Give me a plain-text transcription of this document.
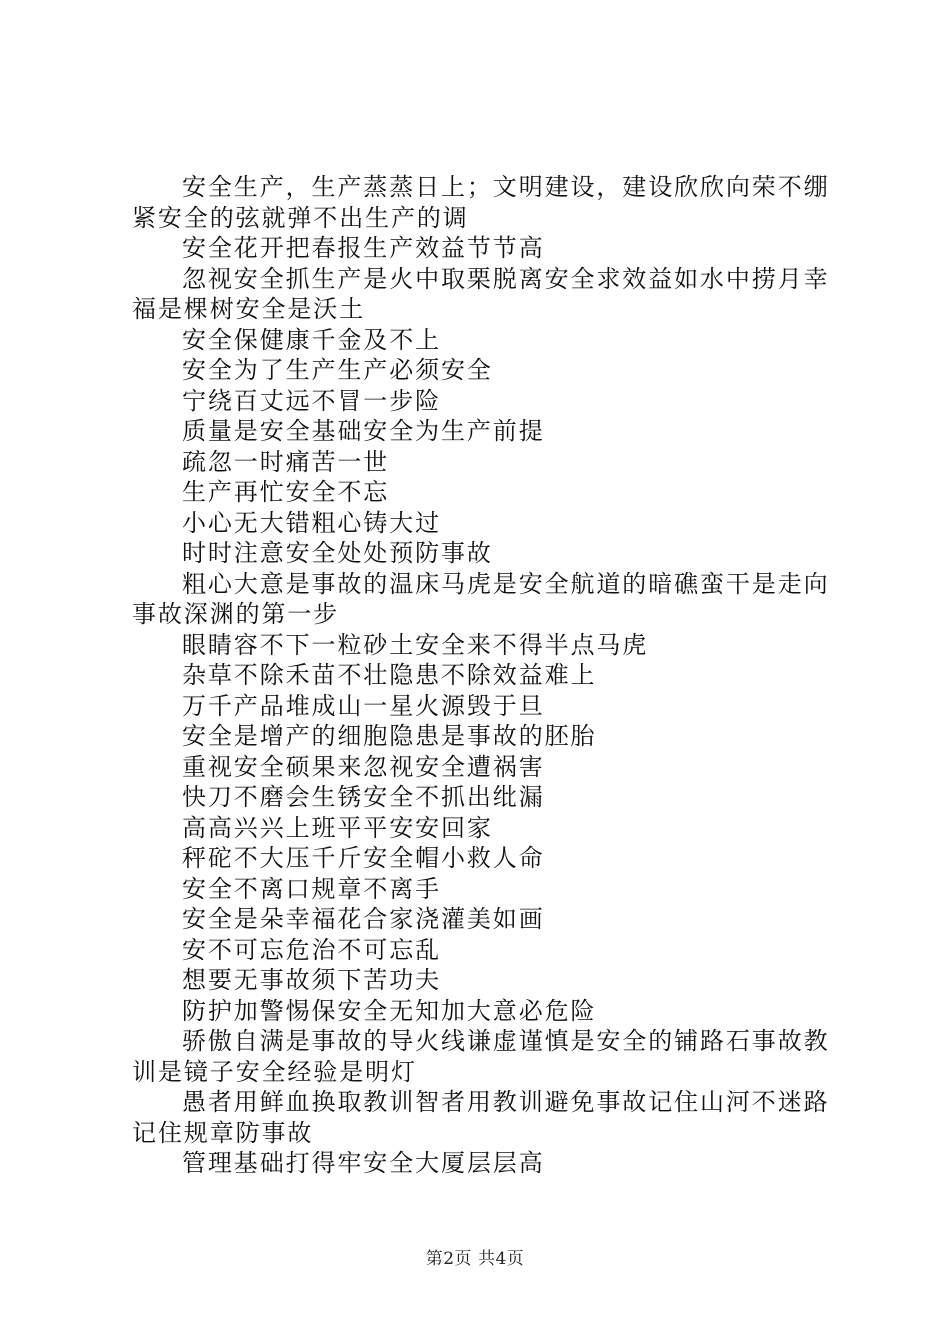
安全生产，生产蒸蒸日上；文明建设，建设欣欣向荣不绷紧安全的弦就弹不出生产的调

安全花开把春报生产效益节节高

忽视安全抓生产是火中取栗脱离安全求效益如水中捞月幸福是棵树安全是沃土

安全保健康千金及不上

安全为了生产生产必须安全

宁绕百丈远不冒一步险

质量是安全基础安全为生产前提

疏忽一时痛苦一世

生产再忙安全不忘

小心无大错粗心铸大过

时时注意安全处处预防事故

粗心大意是事故的温床马虎是安全航道的暗礁蛮干是走向事故深渊的第一步

眼睛容不下一粒砂土安全来不得半点马虎

杂草不除禾苗不壮隐患不除效益难上

万千产品堆成山一星火源毁于旦

安全是增产的细胞隐患是事故的胚胎

重视安全硕果来忽视安全遭祸害

快刀不磨会生锈安全不抓出纰漏

高高兴兴上班平平安安回家

秤砣不大压千斤安全帽小救人命

安全不离口规章不离手

安全是朵幸福花合家浇灌美如画

安不可忘危治不可忘乱

想要无事故须下苦功夫

防护加警惕保安全无知加大意必危险

骄傲自满是事故的导火线谦虚谨慎是安全的铺路石事故教训是镜子安全经验是明灯

愚者用鲜血换取教训智者用教训避免事故记住山河不迷路记住规章防事故

管理基础打得牢安全大厦层层高

第2页 共4页
